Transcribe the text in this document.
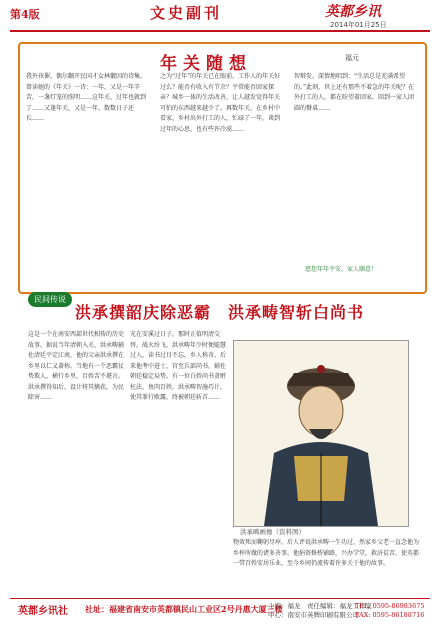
第4版	文史副刊	英都乡讯
2014年01月25日
年关随想	福元
我外孩催，偶尔翻开民国才女林徽因的诗集，曾读她的《年关》一诗：一年，又是一年辛苦，一盏灯笼的照明……这年关，过年也就到了……又逢年关，又是一年，数数日子还长……
之为“过年”的年关已在眼前。工作人的年关好过么？能否有收入有节余？平常能否回家探亲？城乡一体的生活改善，让人越发觉得年关可怕的东西越来越少了。再数年关，在乡村中看家，乡村出外打工的人，忙碌了一年，谈到过年的心思，也有些许冷漠……
智辩发，深情地唱到：“生活总是充满希望的。”此刻，世上还有那些不着急的年关呢？在外打工的人，都在盼望着回家，回到一家人团圆的餐桌……
愿您年年平安，家人顺意！
民间传说
洪承撰韶庆除恶霸　洪承畴智斩白尚书
这是一个在南安西部世代相传的历史故事。据说当年清朝入关，洪承畴辅佐清廷平定江南，他的父亲洪承撰在乡里以仁义著称。当地有一个恶霸仗势欺人，横行乡里，百姓苦不堪言。洪承撰得知后，设计将其擒获，为民除害……
光在安溪过日子，那时正值明清交替，战火纷飞。洪承畴年少时便聪慧过人，读书过目不忘，乡人称奇。后来他考中进士，官至兵部尚书，辅佐朝廷稳定局势。有一位白姓尚书贪赃枉法，鱼肉百姓，洪承畴智施巧计，使其罪行败露，终被朝廷斩首……
洪承畴画像（资料图）
物效死而鞠躬尽瘁，后人评说洪承畴一生功过，然家乡父老一直念他为乡梓所做的诸多善事。他捐资修桥铺路，兴办学堂，救济贫苦，使英都一带百姓安居乐业，至今乡间仍流传着许多关于他的故事。
英都乡讯社 社址：福建省南安市英都镇民山工业区2号丹惠大厦三楼
主编：福龙　责任编辑：福龙工作室
中心：南安市英牌印刷有限公司
TEL: 0595-86983675
FAX: 0595-86188716
